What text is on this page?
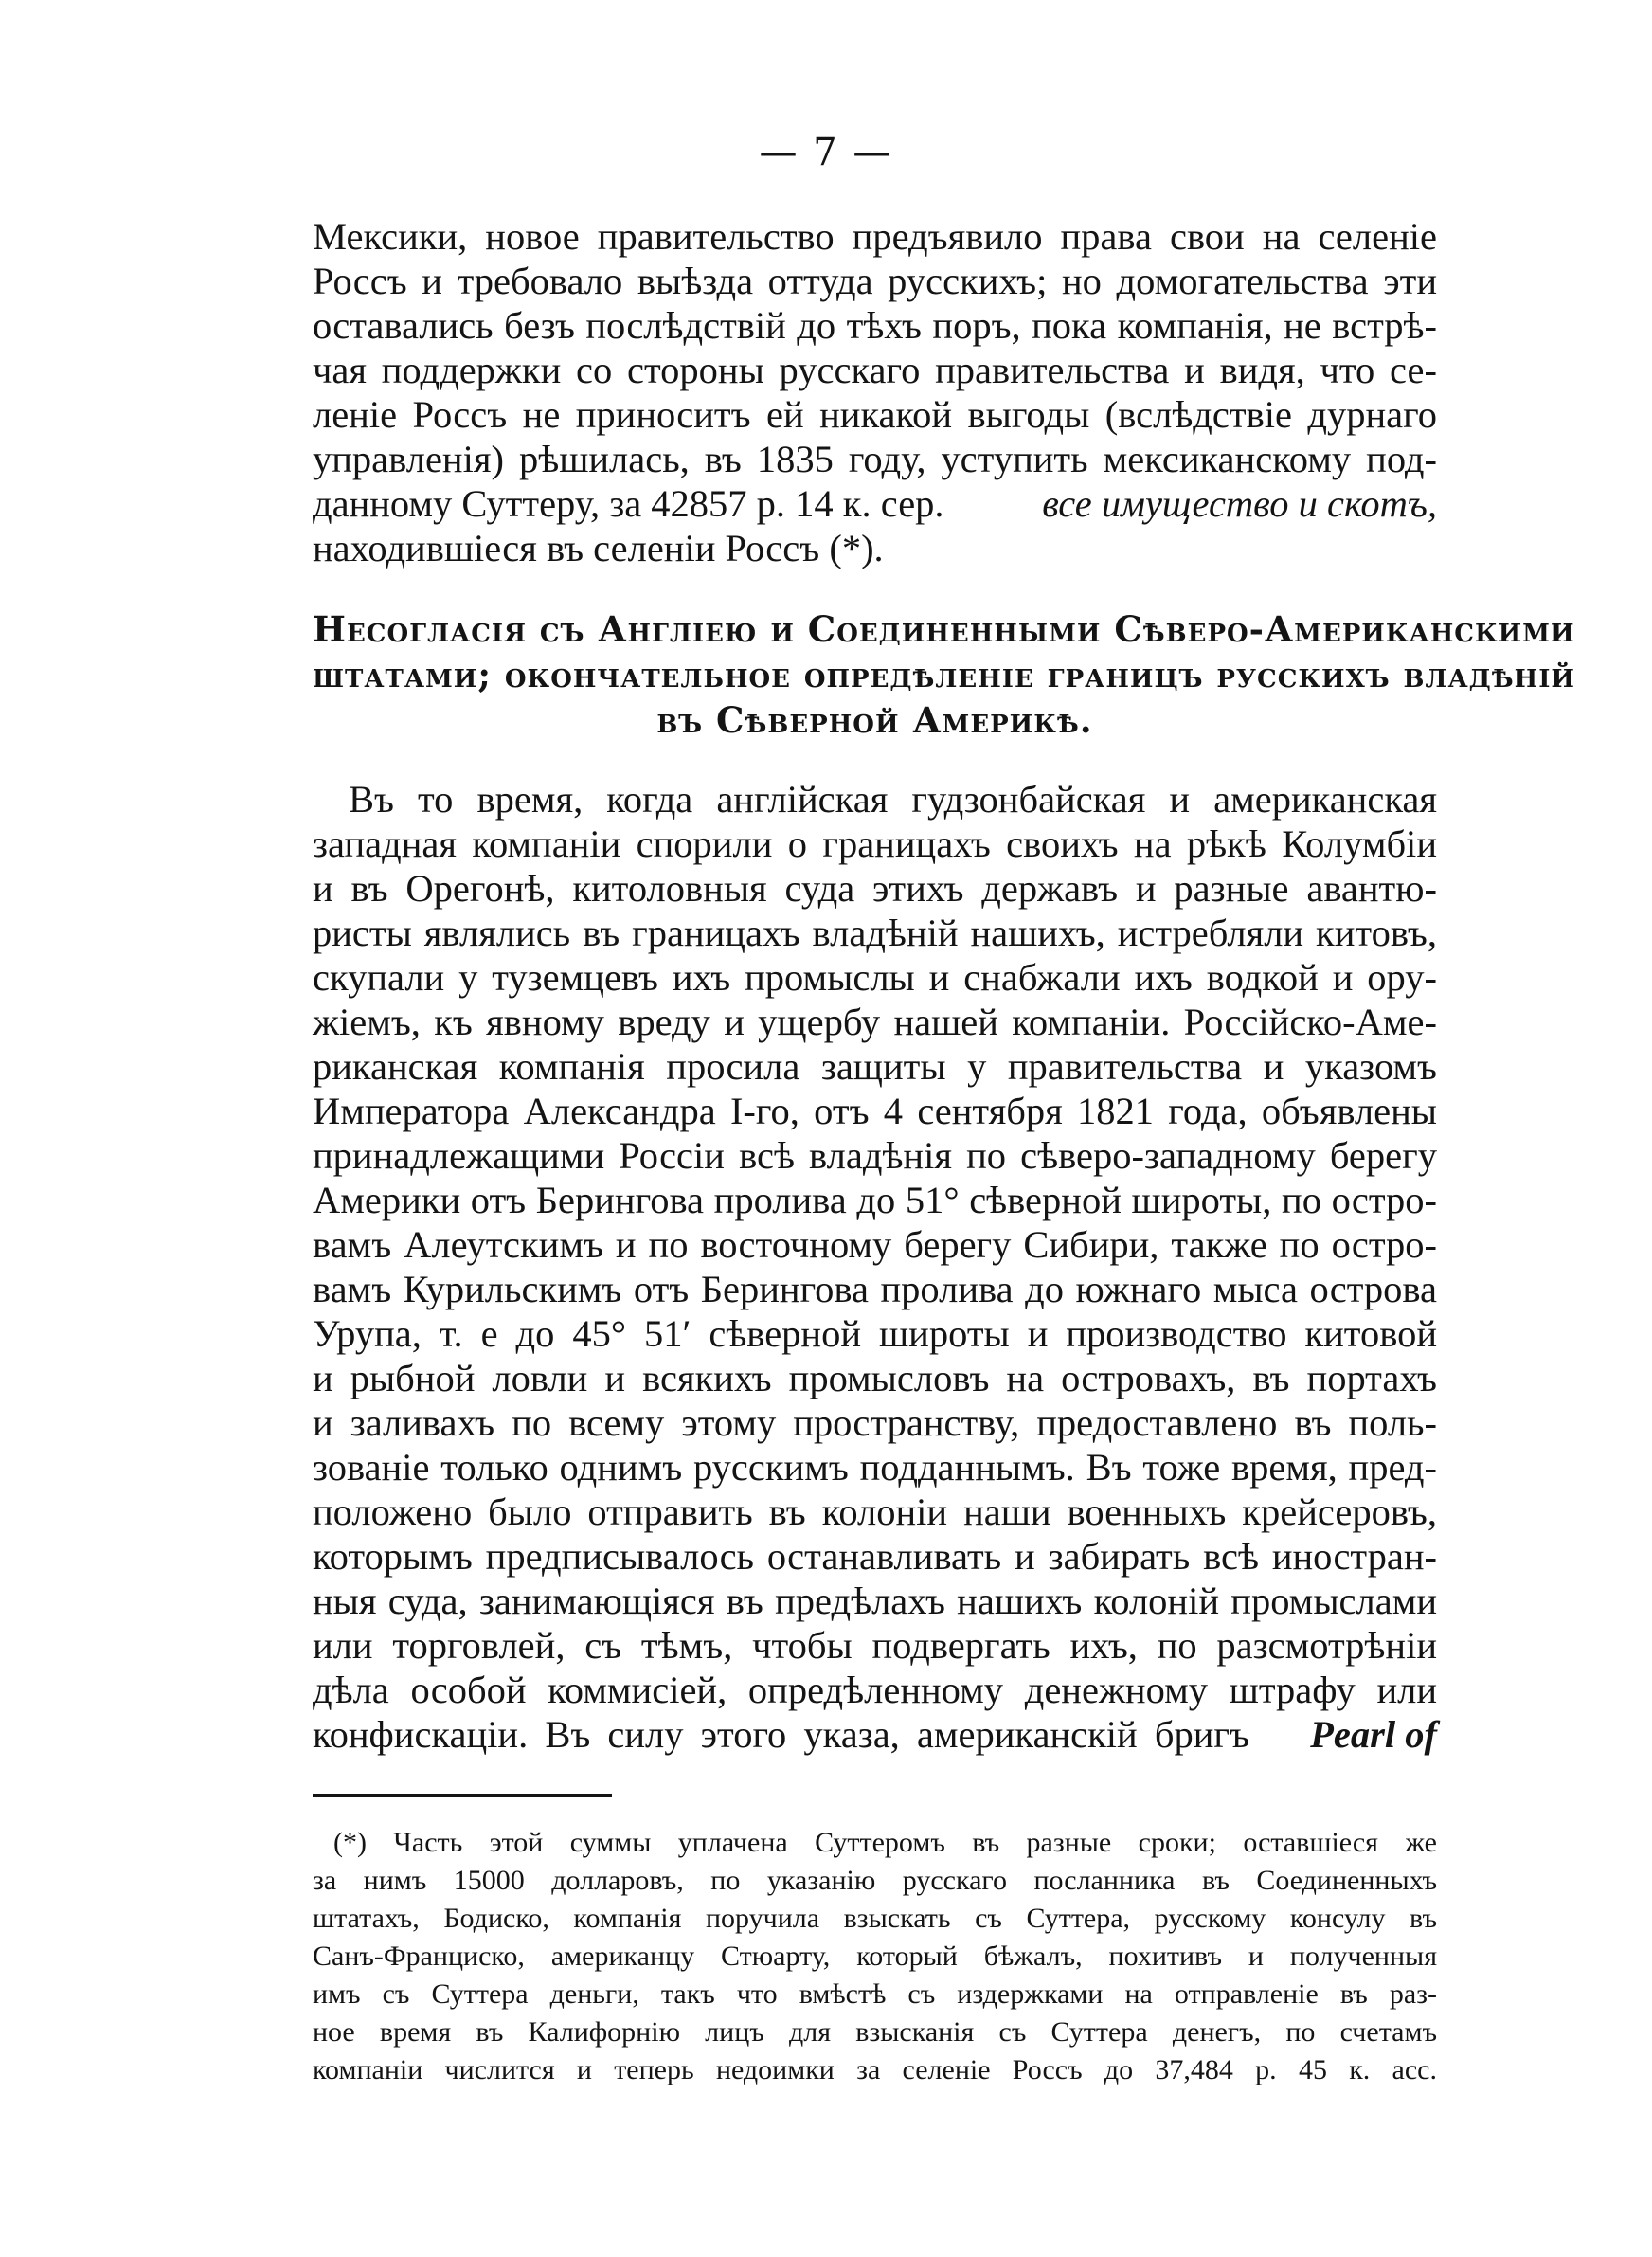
— 7 —
Мексики, новое правительство предъявило права свои на селеніе
Россъ и требовало выѣзда оттуда русскихъ; но домогательства эти
оставались безъ послѣдствій до тѣхъ поръ, пока компанія, не встрѣ-
чая поддержки со стороны русскаго правительства и видя, что се-
леніе Россъ не приноситъ ей никакой выгоды (вслѣдствіе дурнаго
управленія) рѣшилась, въ 1835 году, уступить мексиканскому под-
данному Суттеру, за 42857 р. 14 к. сер.	все имущество и скотъ,
находившіеся въ селеніи Россъ (*).
Несогласія съ Англіею и Соединенными Сѣверо-Американскими
штатами; окончательное опредѣленіе границъ русскихъ владѣній
въ Сѣверной Америкѣ.
Въ то время, когда англійская гудзонбайская и американская
западная компаніи спорили о границахъ своихъ на рѣкѣ Колумбіи
и въ Орегонѣ, китоловныя суда этихъ державъ и разные авантю-
ристы являлись въ границахъ владѣній нашихъ, истребляли китовъ,
скупали у туземцевъ ихъ промыслы и снабжали ихъ водкой и ору-
жіемъ, къ явному вреду и ущербу нашей компаніи. Россійско-Аме-
риканская компанія просила защиты у правительства и указомъ
Императора Александра I-го, отъ 4 сентября 1821 года, объявлены
принадлежащими Россіи всѣ владѣнія по сѣверо-западному берегу
Америки отъ Берингова пролива до 51° сѣверной широты, по остро-
вамъ Алеутскимъ и по восточному берегу Сибири, также по остро-
вамъ Курильскимъ отъ Берингова пролива до южнаго мыса острова
Урупа, т. е до 45° 51′ сѣверной широты и производство китовой
и рыбной ловли и всякихъ промысловъ на островахъ, въ портахъ
и заливахъ по всему этому пространству, предоставлено въ поль-
зованіе только однимъ русскимъ подданнымъ. Въ тоже время, пред-
положено было отправить въ колоніи наши военныхъ крейсеровъ,
которымъ предписывалось останавливать и забирать всѣ иностран-
ныя суда, занимающіяся въ предѣлахъ нашихъ колоній промыслами
или торговлей, съ тѣмъ, чтобы подвергать ихъ, по разсмотрѣніи
дѣла особой коммисіей, опредѣленному денежному штрафу или
конфискаціи. Въ силу этого указа, американскій бригъ Pearl of
(*) Часть этой суммы уплачена Суттеромъ въ разные сроки; оставшіеся же
за нимъ 15000 долларовъ, по указанію русскаго посланника въ Соединенныхъ
штатахъ, Бодиско, компанія поручила взыскать съ Суттера, русскому консулу въ
Санъ-Франциско, американцу Стюарту, который бѣжалъ, похитивъ и полученныя
имъ съ Суттера деньги, такъ что вмѣстѣ съ издержками на отправленіе въ раз-
ное время въ Калифорнію лицъ для взысканія съ Суттера денегъ, по счетамъ
компаніи числится и теперь недоимки за селеніе Россъ до 37,484 р. 45 к. асс.
